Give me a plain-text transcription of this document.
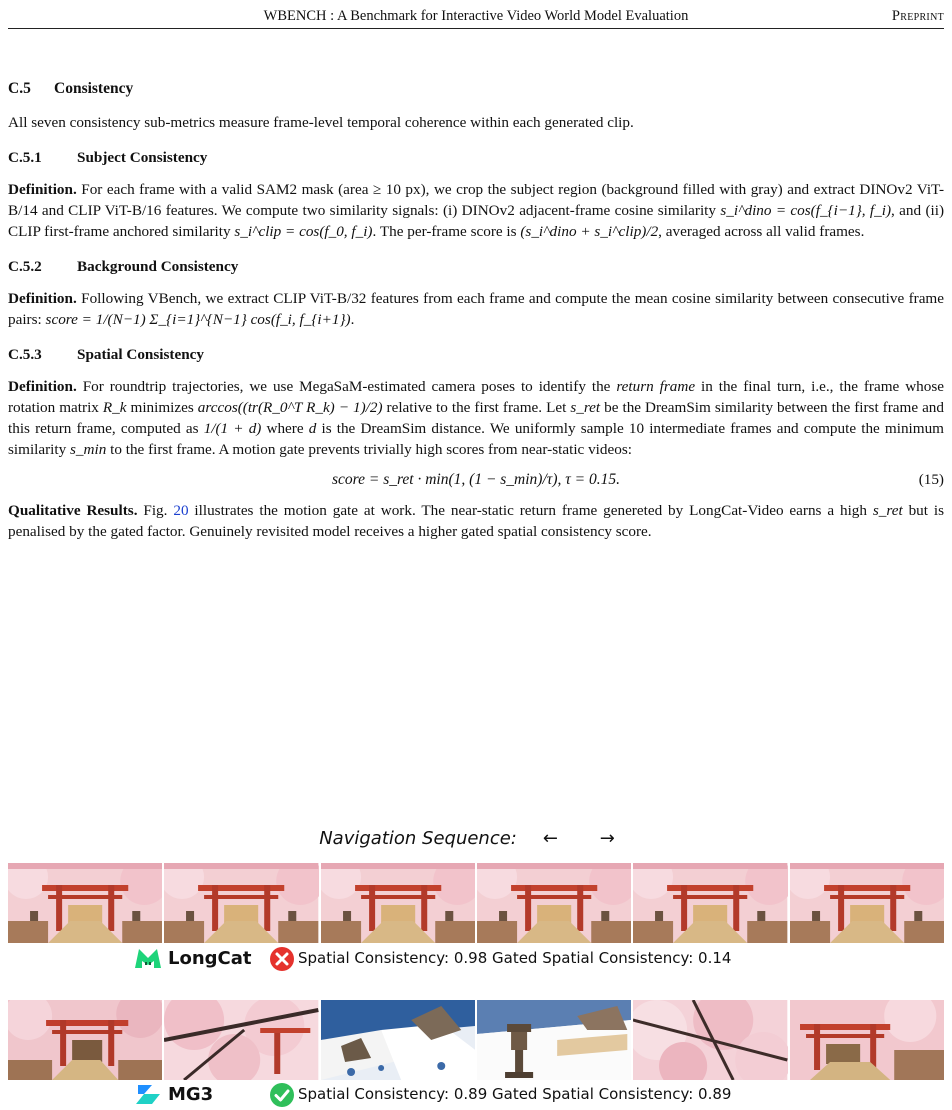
WBENCH : A Benchmark for Interactive Video World Model Evaluation	Preprint
C.5 Consistency

All seven consistency sub-metrics measure frame-level temporal coherence within each generated clip.

C.5.1 Subject Consistency

Definition. For each frame with a valid SAM2 mask (area ≥ 10 px), we crop the subject region (background filled with gray) and extract DINOv2 ViT-B/14 and CLIP ViT-B/16 features. We compute two similarity signals: (i) DINOv2 adjacent-frame cosine similarity s_i^dino = cos(f_{i−1}, f_i), and (ii) CLIP first-frame anchored similarity s_i^clip = cos(f_0, f_i). The per-frame score is (s_i^dino + s_i^clip)/2, averaged across all valid frames.

C.5.2 Background Consistency

Definition. Following VBench, we extract CLIP ViT-B/32 features from each frame and compute the mean cosine similarity between consecutive frame pairs: score = 1/(N−1) Σ_{i=1}^{N−1} cos(f_i, f_{i+1}).

C.5.3 Spatial Consistency

Definition. For roundtrip trajectories, we use MegaSaM-estimated camera poses to identify the return frame in the final turn, i.e., the frame whose rotation matrix R_k minimizes arccos((tr(R_0^T R_k) − 1)/2) relative to the first frame. Let s_ret be the DreamSim similarity between the first frame and this return frame, computed as 1/(1 + d) where d is the DreamSim distance. We uniformly sample 10 intermediate frames and compute the minimum similarity s_min to the first frame. A motion gate prevents trivially high scores from near-static videos:

score = s_ret · min(1, (1 − s_min)/τ), τ = 0.15.	(15)

Qualitative Results. Fig. 20 illustrates the motion gate at work. The near-static return frame genereted by LongCat-Video earns a high s_ret but is penalised by the gated factor. Genuinely revisited model receives a higher gated spatial consistency score.

Navigation Sequence: ← →
LongCat	Spatial Consistency: 0.98 Gated Spatial Consistency: 0.14
MG3	Spatial Consistency: 0.89 Gated Spatial Consistency: 0.89
